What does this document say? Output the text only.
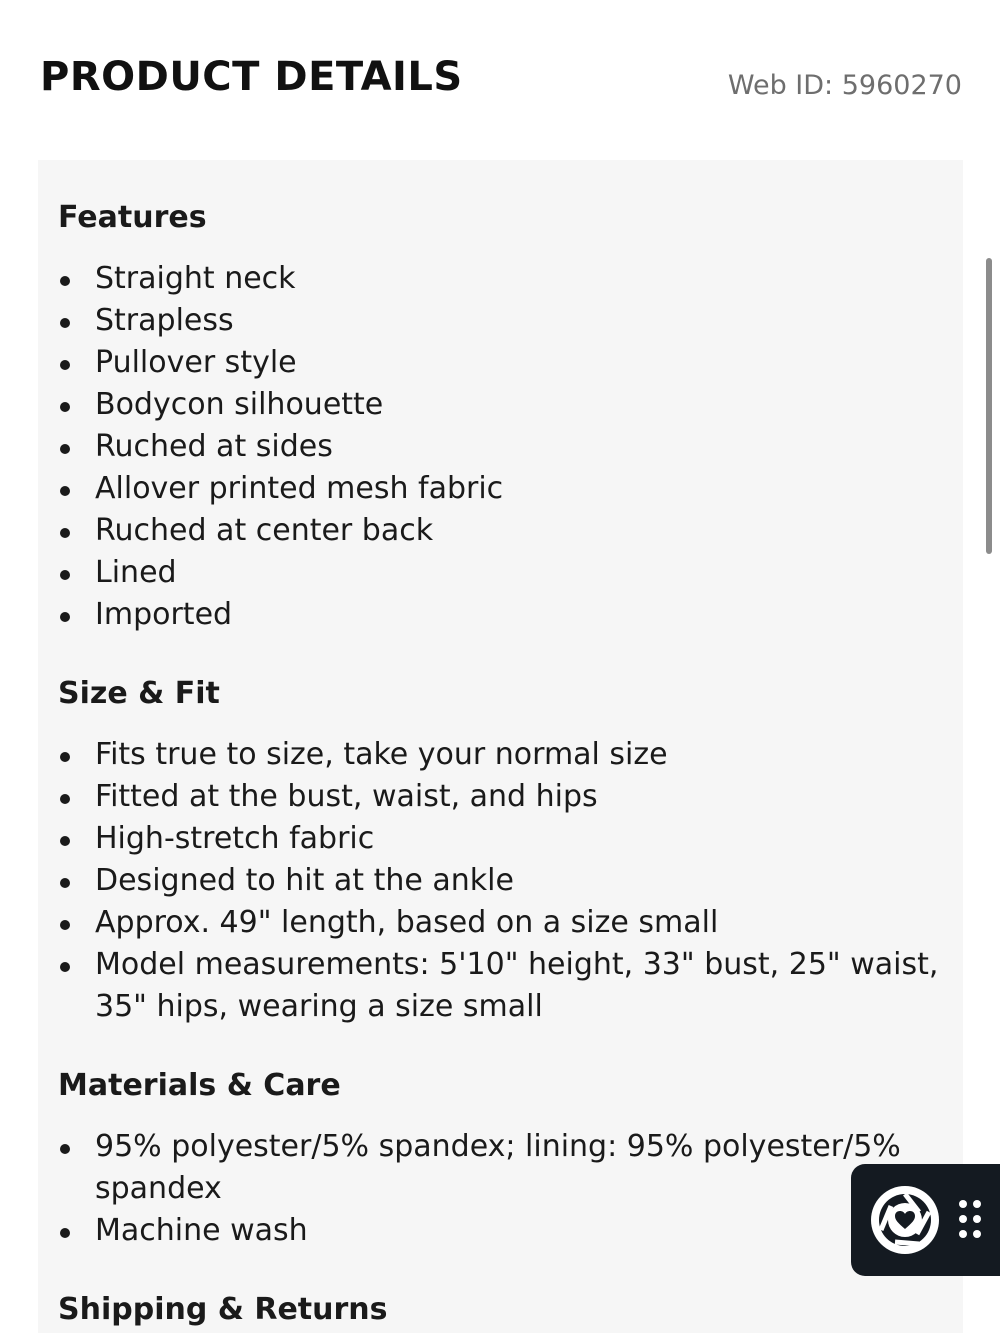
PRODUCT DETAILS	Web ID: 5960270
Features
Straight neck
Strapless
Pullover style
Bodycon silhouette
Ruched at sides
Allover printed mesh fabric
Ruched at center back
Lined
Imported
Size & Fit
Fits true to size, take your normal size
Fitted at the bust, waist, and hips
High-stretch fabric
Designed to hit at the ankle
Approx. 49" length, based on a size small
Model measurements: 5'10" height, 33" bust, 25" waist, 35" hips, wearing a size small
Materials & Care
95% polyester/5% spandex; lining: 95% polyester/5% spandex
Machine wash
Shipping & Returns
